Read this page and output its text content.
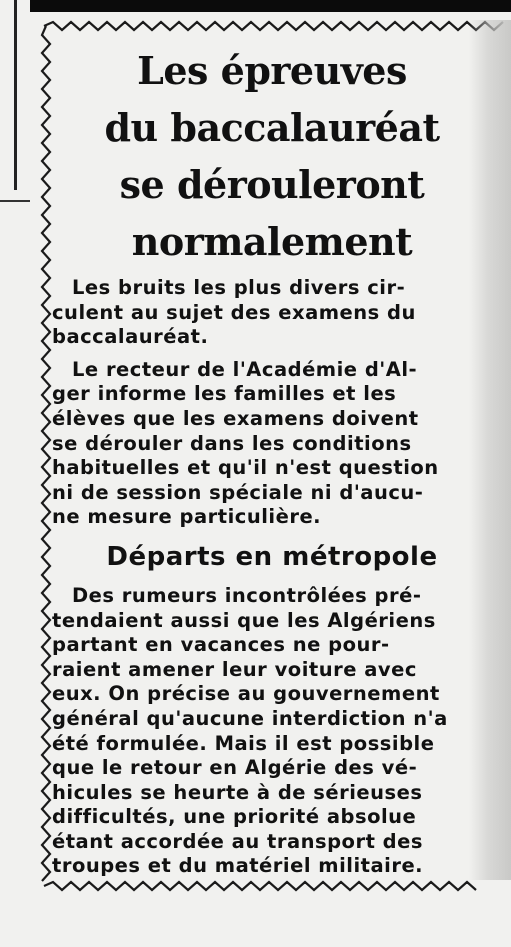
Les épreuves
du baccalauréat
se dérouleront
normalement

Les bruits les plus divers cir-
culent au sujet des examens du
baccalauréat.

Le recteur de l'Académie d'Al-
ger informe les familles et les
élèves que les examens doivent
se dérouler dans les conditions
habituelles et qu'il n'est question
ni de session spéciale ni d'aucu-
ne mesure particulière.

Départs en métropole

Des rumeurs incontrôlées pré-
tendaient aussi que les Algériens
partant en vacances ne pour-
raient amener leur voiture avec
eux. On précise au gouvernement
général qu'aucune interdiction n'a
été formulée. Mais il est possible
que le retour en Algérie des vé-
hicules se heurte à de sérieuses
difficultés, une priorité absolue
étant accordée au transport des
troupes et du matériel militaire.
